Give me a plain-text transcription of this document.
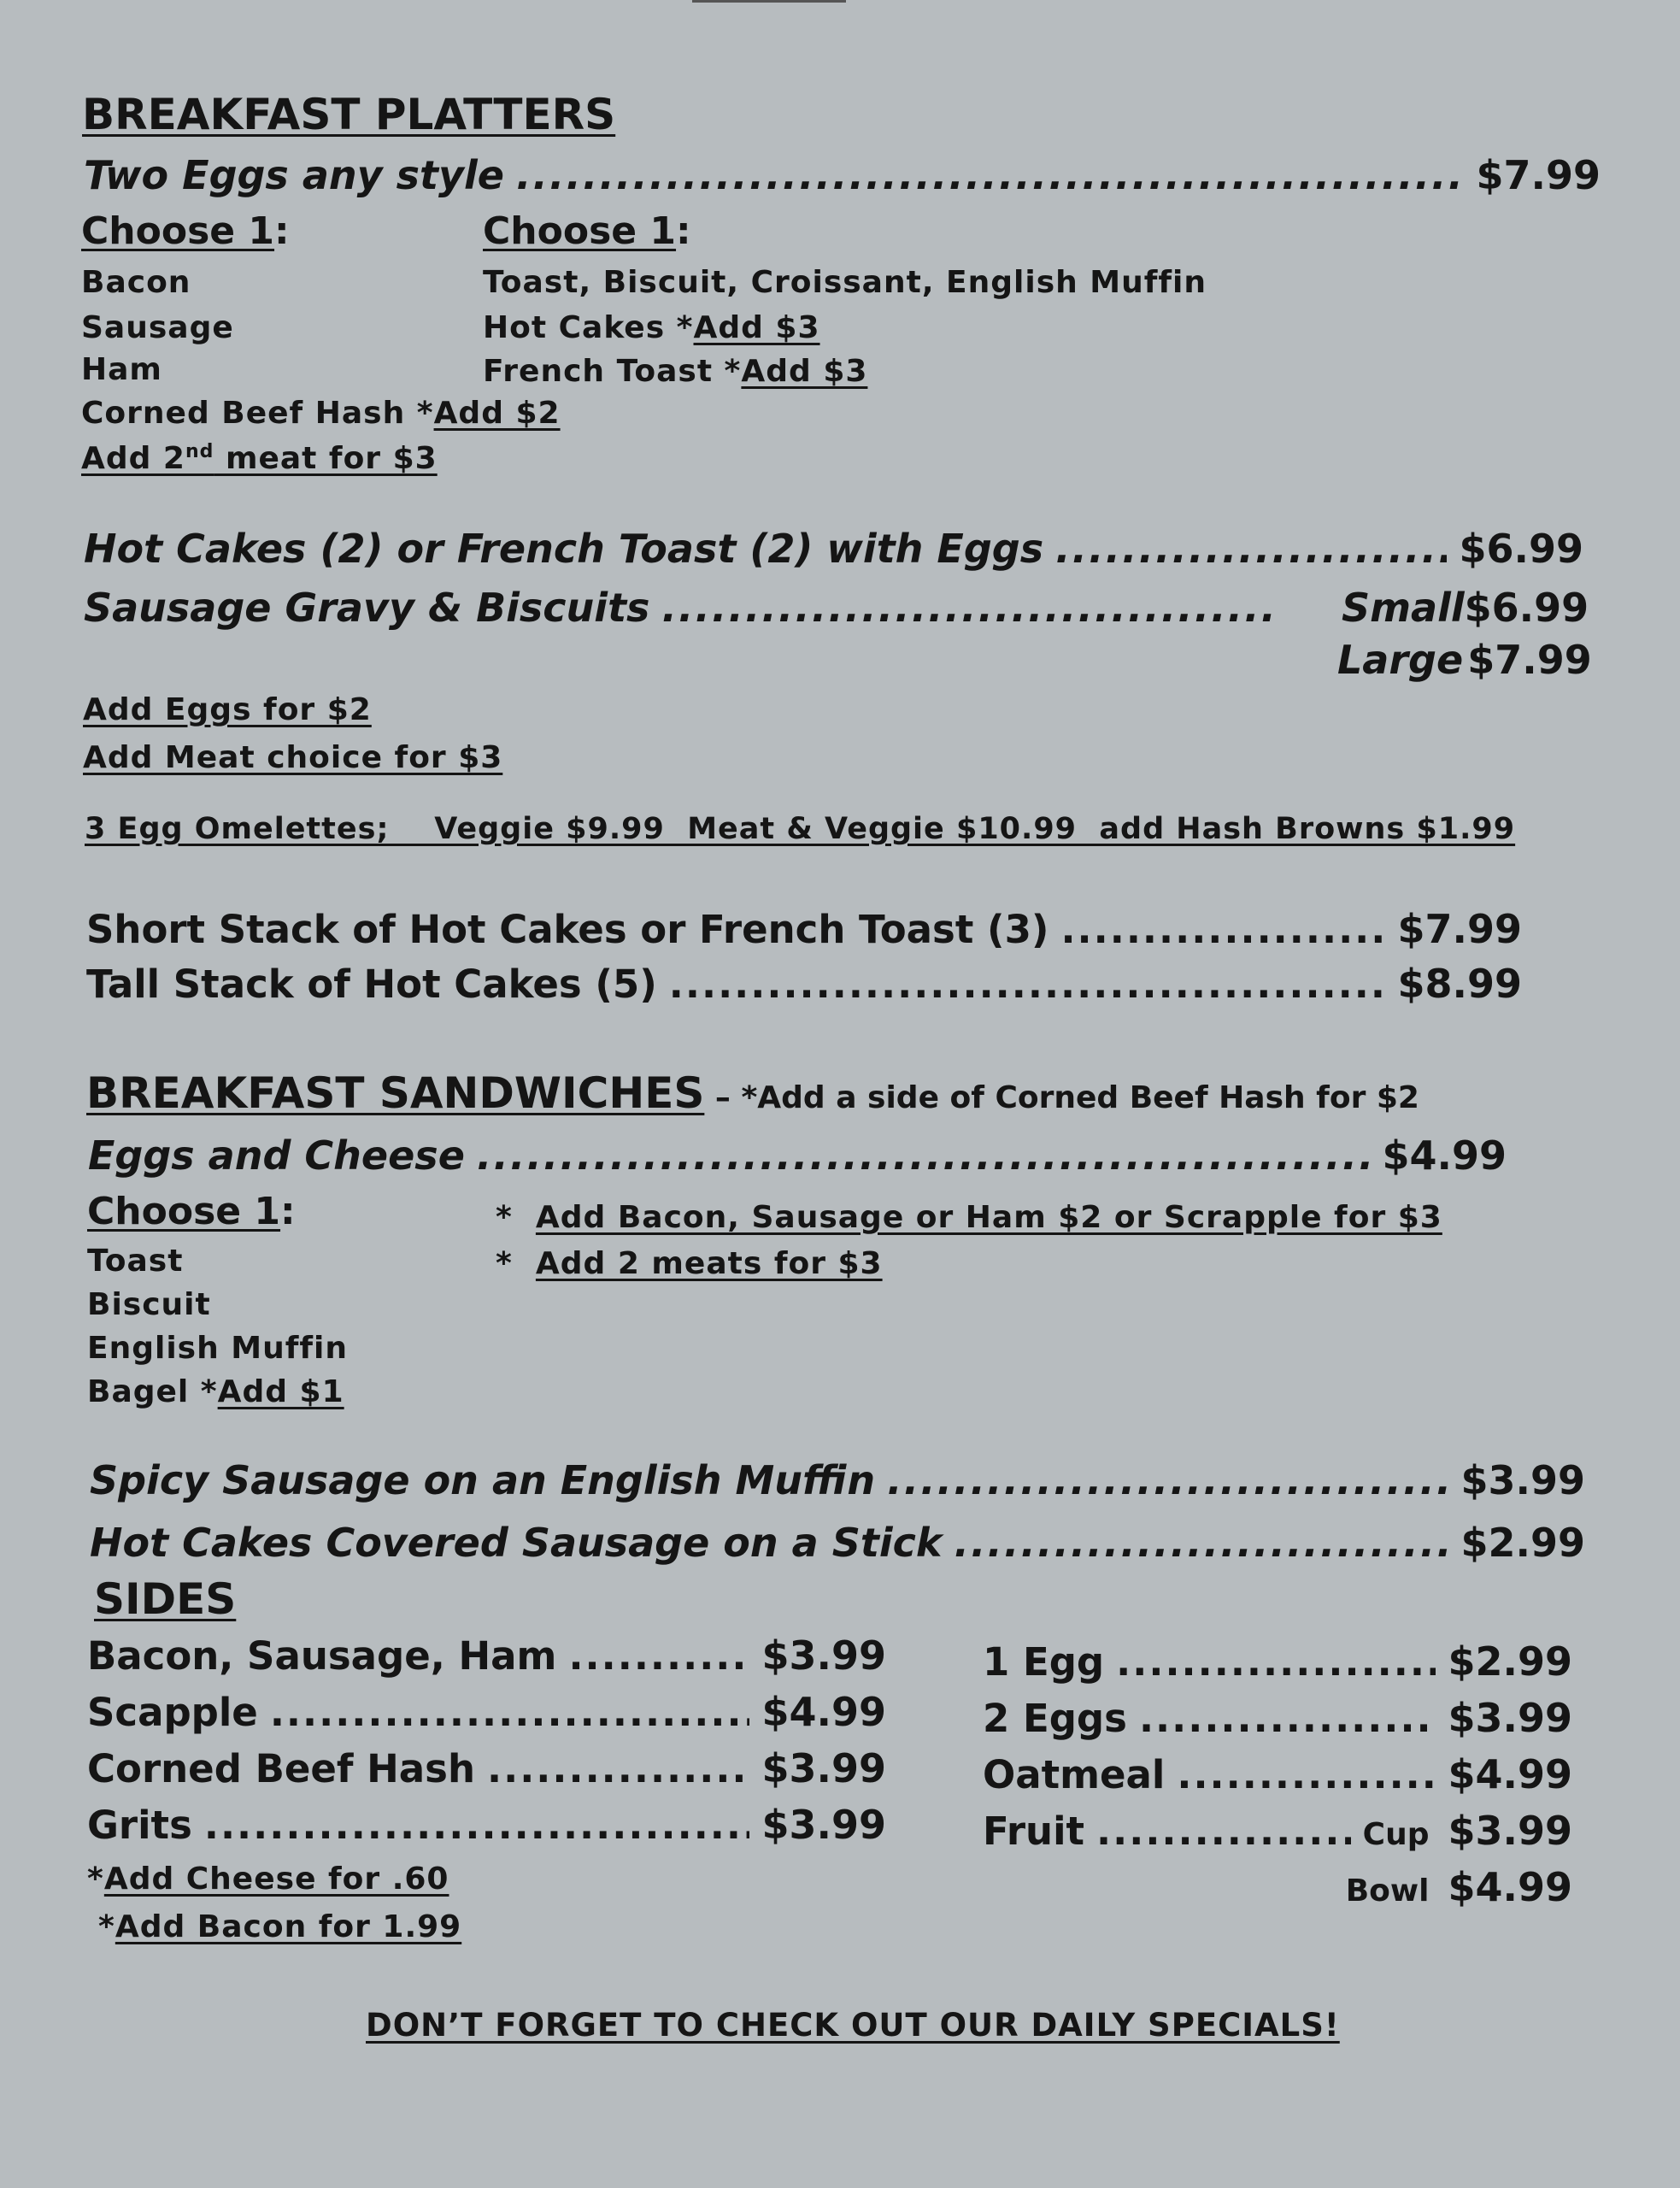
BREAKFAST PLATTERS
Two Eggs any style .....	$7.99
Choose 1:
Bacon
Sausage
Ham
Corned Beef Hash *Add $2
Add 2nd meat for $3
Choose 1:
Toast, Biscuit, Croissant, English Muffin
Hot Cakes *Add $3
French Toast *Add $3
Hot Cakes (2) or French Toast (2) with Eggs .....	$6.99
Sausage Gravy & Biscuits .....	Small$6.99
Large $7.99
Add Eggs for $2
Add Meat choice for $3
3 Egg Omelettes;    Veggie $9.99  Meat & Veggie $10.99  add Hash Browns $1.99
Short Stack of Hot Cakes or French Toast (3) .....	$7.99
Tall Stack of Hot Cakes (5) .....	$8.99
BREAKFAST SANDWICHES – *Add a side of Corned Beef Hash for $2
Eggs and Cheese .....	$4.99
Choose 1:
Toast
Biscuit
English Muffin
Bagel *Add $1
*  Add Bacon, Sausage or Ham $2 or Scrapple for $3
*  Add 2 meats for $3
Spicy Sausage on an English Muffin .....	$3.99
Hot Cakes Covered Sausage on a Stick .....	$2.99
SIDES
Bacon, Sausage, Ham .....	$3.99
Scapple .....	$4.99
Corned Beef Hash .....	$3.99
Grits .....	$3.99
1 Egg .....	$2.99
2 Eggs .....	$3.99
Oatmeal .....	$4.99
Fruit .....	Cup $3.99
Bowl $4.99
*Add Cheese for .60
*Add Bacon for 1.99
DON’T FORGET TO CHECK OUT OUR DAILY SPECIALS!
